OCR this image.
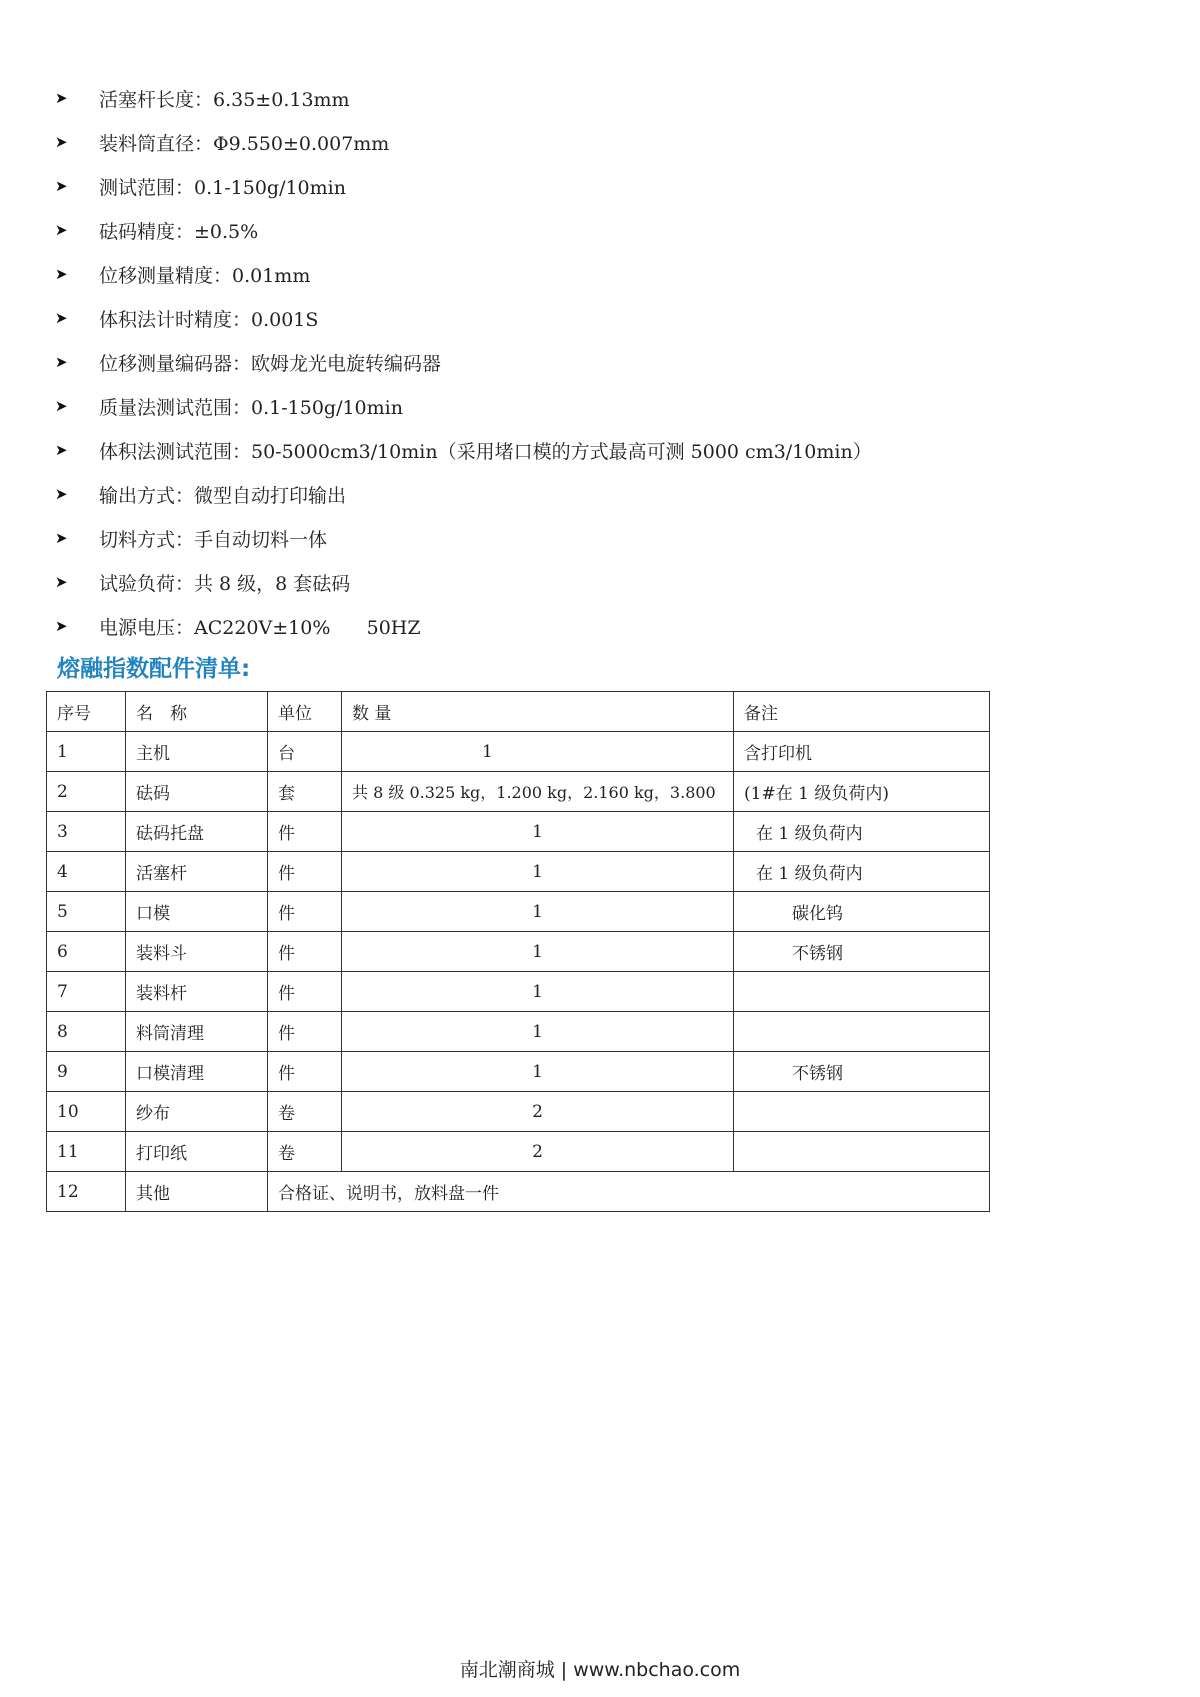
➤	活塞杆长度：6.35±0.13mm
➤	装料筒直径：Φ9.550±0.007mm
➤	测试范围：0.1-150g/10min
➤	砝码精度：±0.5%
➤	位移测量精度：0.01mm
➤	体积法计时精度：0.001S
➤	位移测量编码器：欧姆龙光电旋转编码器
➤	质量法测试范围：0.1-150g/10min
➤	体积法测试范围：50-5000cm3/10min（采用堵口模的方式最高可测 5000 cm3/10min）
➤	输出方式：微型自动打印输出
➤	切料方式：手自动切料一体
➤	试验负荷：共 8 级，8 套砝码
➤	电源电压：AC220V±10%      50HZ
熔融指数配件清单:
序号	名　称	单位	数 量	备注
1	主机	台	1	含打印机
2	砝码	套	共 8 级 0.325 kg，1.200 kg，2.160 kg，3.800	(1#在 1 级负荷内)
3	砝码托盘	件	1	在 1 级负荷内
4	活塞杆	件	1	在 1 级负荷内
5	口模	件	1	碳化钨
6	装料斗	件	1	不锈钢
7	装料杆	件	1	
8	料筒清理	件	1	
9	口模清理	件	1	不锈钢
10	纱布	卷	2	
11	打印纸	卷	2	
12	其他	合格证、说明书，放料盘一件		
南北潮商城 | www.nbchao.com
